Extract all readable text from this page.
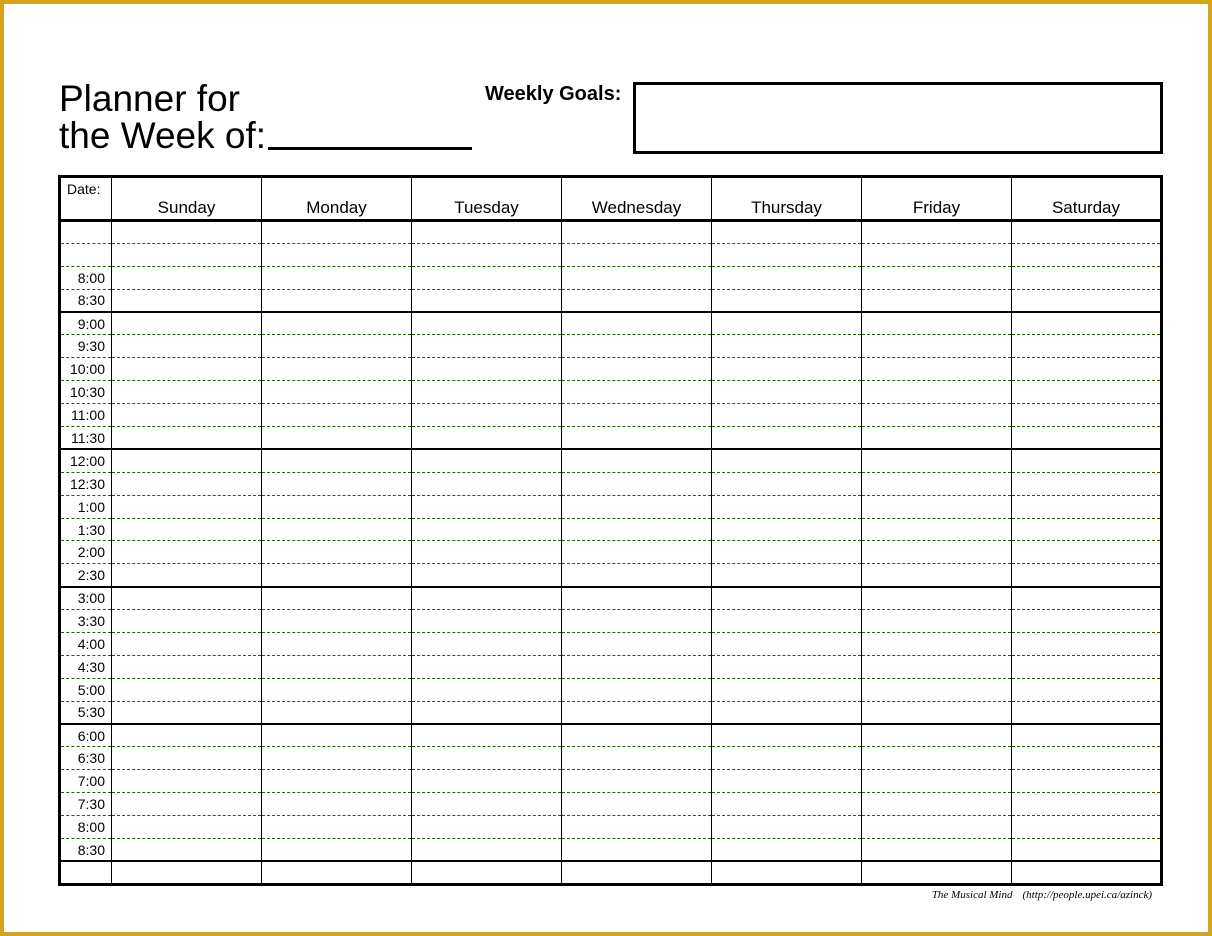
Planner for
the Week of:
Weekly Goals:
Date:	Sunday	Monday	Tuesday	Wednesday	Thursday	Friday	Saturday

8:00							
8:30							
9:00							
9:30							
10:00							
10:30							
11:00							
11:30							
12:00							
12:30							
1:00							
1:30							
2:00							
2:30							
3:00							
3:30							
4:00							
4:30							
5:00							
5:30							
6:00							
6:30							
7:00							
7:30							
8:00							
8:30							

The Musical Mind (http://people.upei.ca/azinck)
